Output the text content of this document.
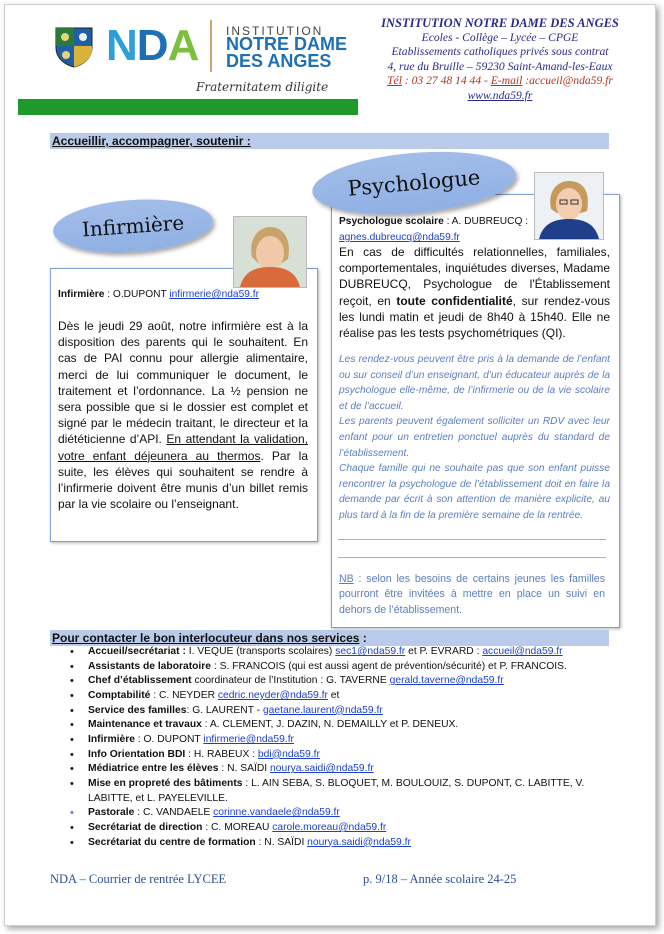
NDA INSTITUTION
NOTRE DAME DES ANGES
Fraternitatem diligite
INSTITUTION NOTRE DAME DES ANGES
Ecoles - Collège – Lycée – CPGE
Etablissements catholiques privés sous contrat
4, rue du Bruille – 59230 Saint-Amand-les-Eaux
Tél : 03 27 48 14 44 - E-mail :accueil@nda59.fr
www.nda59.fr
Accueillir, accompagner, soutenir :
Infirmière
Infirmière : O.DUPONT infirmerie@nda59.fr
Dès le jeudi 29 août, notre infirmière est à la disposition des parents qui le souhaitent. En cas de PAI connu pour allergie alimentaire, merci de lui communiquer le document, le traitement et l’ordonnance. La ½ pension ne sera possible que si le dossier est complet et signé par le médecin traitant, le directeur et la diététicienne d’API. En attendant la validation, votre enfant déjeunera au thermos. Par la suite, les élèves qui souhaitent se rendre à l’infirmerie doivent être munis d’un billet remis par la vie scolaire ou l’enseignant.
Psychologue
Psychologue scolaire : A. DUBREUCQ :
agnes.dubreucq@nda59.fr
En cas de difficultés relationnelles, familiales, comportementales, inquiétudes diverses, Madame DUBREUCQ, Psychologue de l'Établissement reçoit, en toute confidentialité, sur rendez-vous les lundi matin et jeudi de 8h40 à 15h40. Elle ne réalise pas les tests psychométriques (QI).
Les rendez-vous peuvent être pris à la demande de l’enfant ou sur conseil d’un enseignant, d’un éducateur auprès de la psychologue elle-même, de l’infirmerie ou de la vie scolaire et de l’accueil.
Les parents peuvent également solliciter un RDV avec leur enfant pour un entretien ponctuel auprès du standard de l’établissement.
Chaque famille qui ne souhaite pas que son enfant puisse rencontrer la psychologue de l’établissement doit en faire la demande par écrit à son attention de manière explicite, au plus tard à la fin de la première semaine de la rentrée.
NB : selon les besoins de certains jeunes les familles pourront être invitées à mettre en place un suivi en dehors de l’établissement.
Pour contacter le bon interlocuteur dans nos services :
• Accueil/secrétariat : I. VEQUE (transports scolaires) sec1@nda59.fr et P. EVRARD : accueil@nda59.fr
• Assistants de laboratoire : S. FRANCOIS (qui est aussi agent de prévention/sécurité) et P. FRANCOIS.
• Chef d’établissement coordinateur de l’Institution : G. TAVERNE gerald.taverne@nda59.fr
• Comptabilité : C. NEYDER cedric.neyder@nda59.fr et
• Service des familles: G. LAURENT - gaetane.laurent@nda59.fr
• Maintenance et travaux : A. CLEMENT, J. DAZIN, N. DEMAILLY et P. DENEUX.
• Infirmière : O. DUPONT infirmerie@nda59.fr
• Info Orientation BDI : H. RABEUX : bdi@nda59.fr
• Médiatrice entre les élèves : N. SAÏDI nourya.saidi@nda59.fr
• Mise en propreté des bâtiments : L. AIN SEBA, S. BLOQUET, M. BOULOUIZ, S. DUPONT, C. LABITTE, V. LABITTE, et L. PAYELEVILLE.
• Pastorale : C. VANDAELE corinne.vandaele@nda59.fr
• Secrétariat de direction : C. MOREAU carole.moreau@nda59.fr
• Secrétariat du centre de formation : N. SAÏDI nourya.saidi@nda59.fr
NDA – Courrier de rentrée LYCEE	p. 9/18 – Année scolaire 24-25
